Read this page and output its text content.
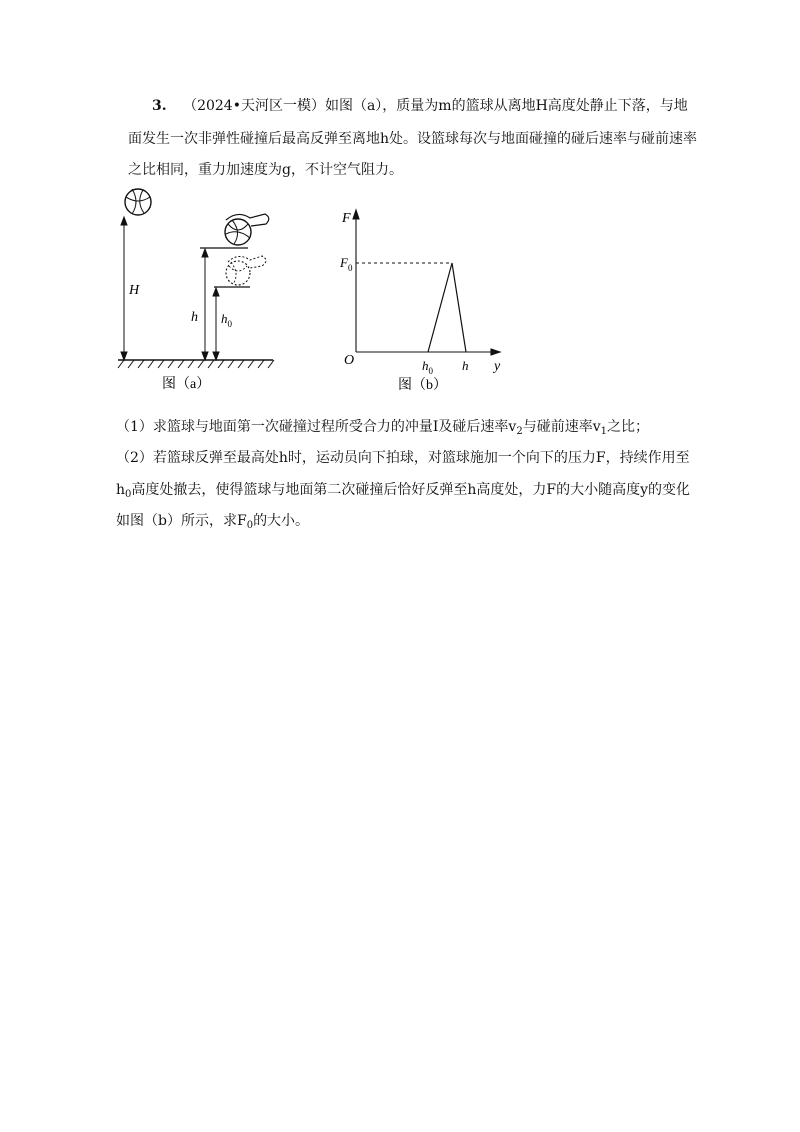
3. （2024•天河区一模）如图（a），质量为m的篮球从离地H高度处静止下落，与地
面发生一次非弹性碰撞后最高反弹至离地h处。设篮球每次与地面碰撞的碰后速率与碰前速率
之比相同，重力加速度为g，不计空气阻力。
H
h $h_0$
图（a）
F
y
O
$F_0$
$h_0$ h
图（b）
（1）求篮球与地面第一次碰撞过程所受合力的冲量I及碰后速率$v_2$与碰前速率$v_1$之比；
（2）若篮球反弹至最高处h时，运动员向下拍球，对篮球施加一个向下的压力F，持续作用至
$h_0$高度处撤去，使得篮球与地面第二次碰撞后恰好反弹至h高度处，力F的大小随高度y的变化
如图（b）所示，求$F_0$的大小。
